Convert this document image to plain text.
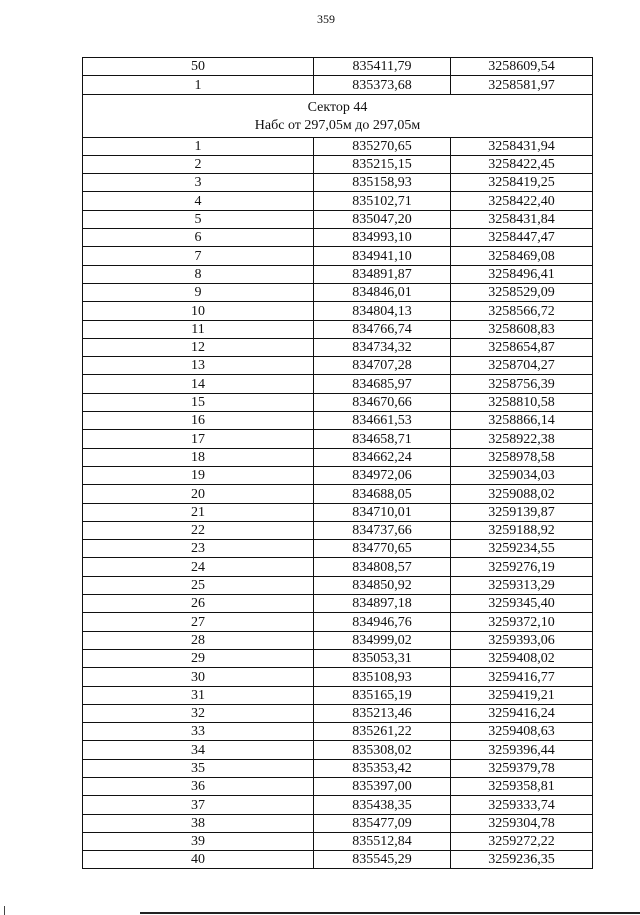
359
50	835411,79	3258609,54
1	835373,68	3258581,97

Сектор 44
Набс от 297,05м до 297,05м		

1	835270,65	3258431,94
2	835215,15	3258422,45
3	835158,93	3258419,25
4	835102,71	3258422,40
5	835047,20	3258431,84
6	834993,10	3258447,47
7	834941,10	3258469,08
8	834891,87	3258496,41
9	834846,01	3258529,09
10	834804,13	3258566,72
11	834766,74	3258608,83
12	834734,32	3258654,87
13	834707,28	3258704,27
14	834685,97	3258756,39
15	834670,66	3258810,58
16	834661,53	3258866,14
17	834658,71	3258922,38
18	834662,24	3258978,58
19	834972,06	3259034,03
20	834688,05	3259088,02
21	834710,01	3259139,87
22	834737,66	3259188,92
23	834770,65	3259234,55
24	834808,57	3259276,19
25	834850,92	3259313,29
26	834897,18	3259345,40
27	834946,76	3259372,10
28	834999,02	3259393,06
29	835053,31	3259408,02
30	835108,93	3259416,77
31	835165,19	3259419,21
32	835213,46	3259416,24
33	835261,22	3259408,63
34	835308,02	3259396,44
35	835353,42	3259379,78
36	835397,00	3259358,81
37	835438,35	3259333,74
38	835477,09	3259304,78
39	835512,84	3259272,22
40	835545,29	3259236,35
